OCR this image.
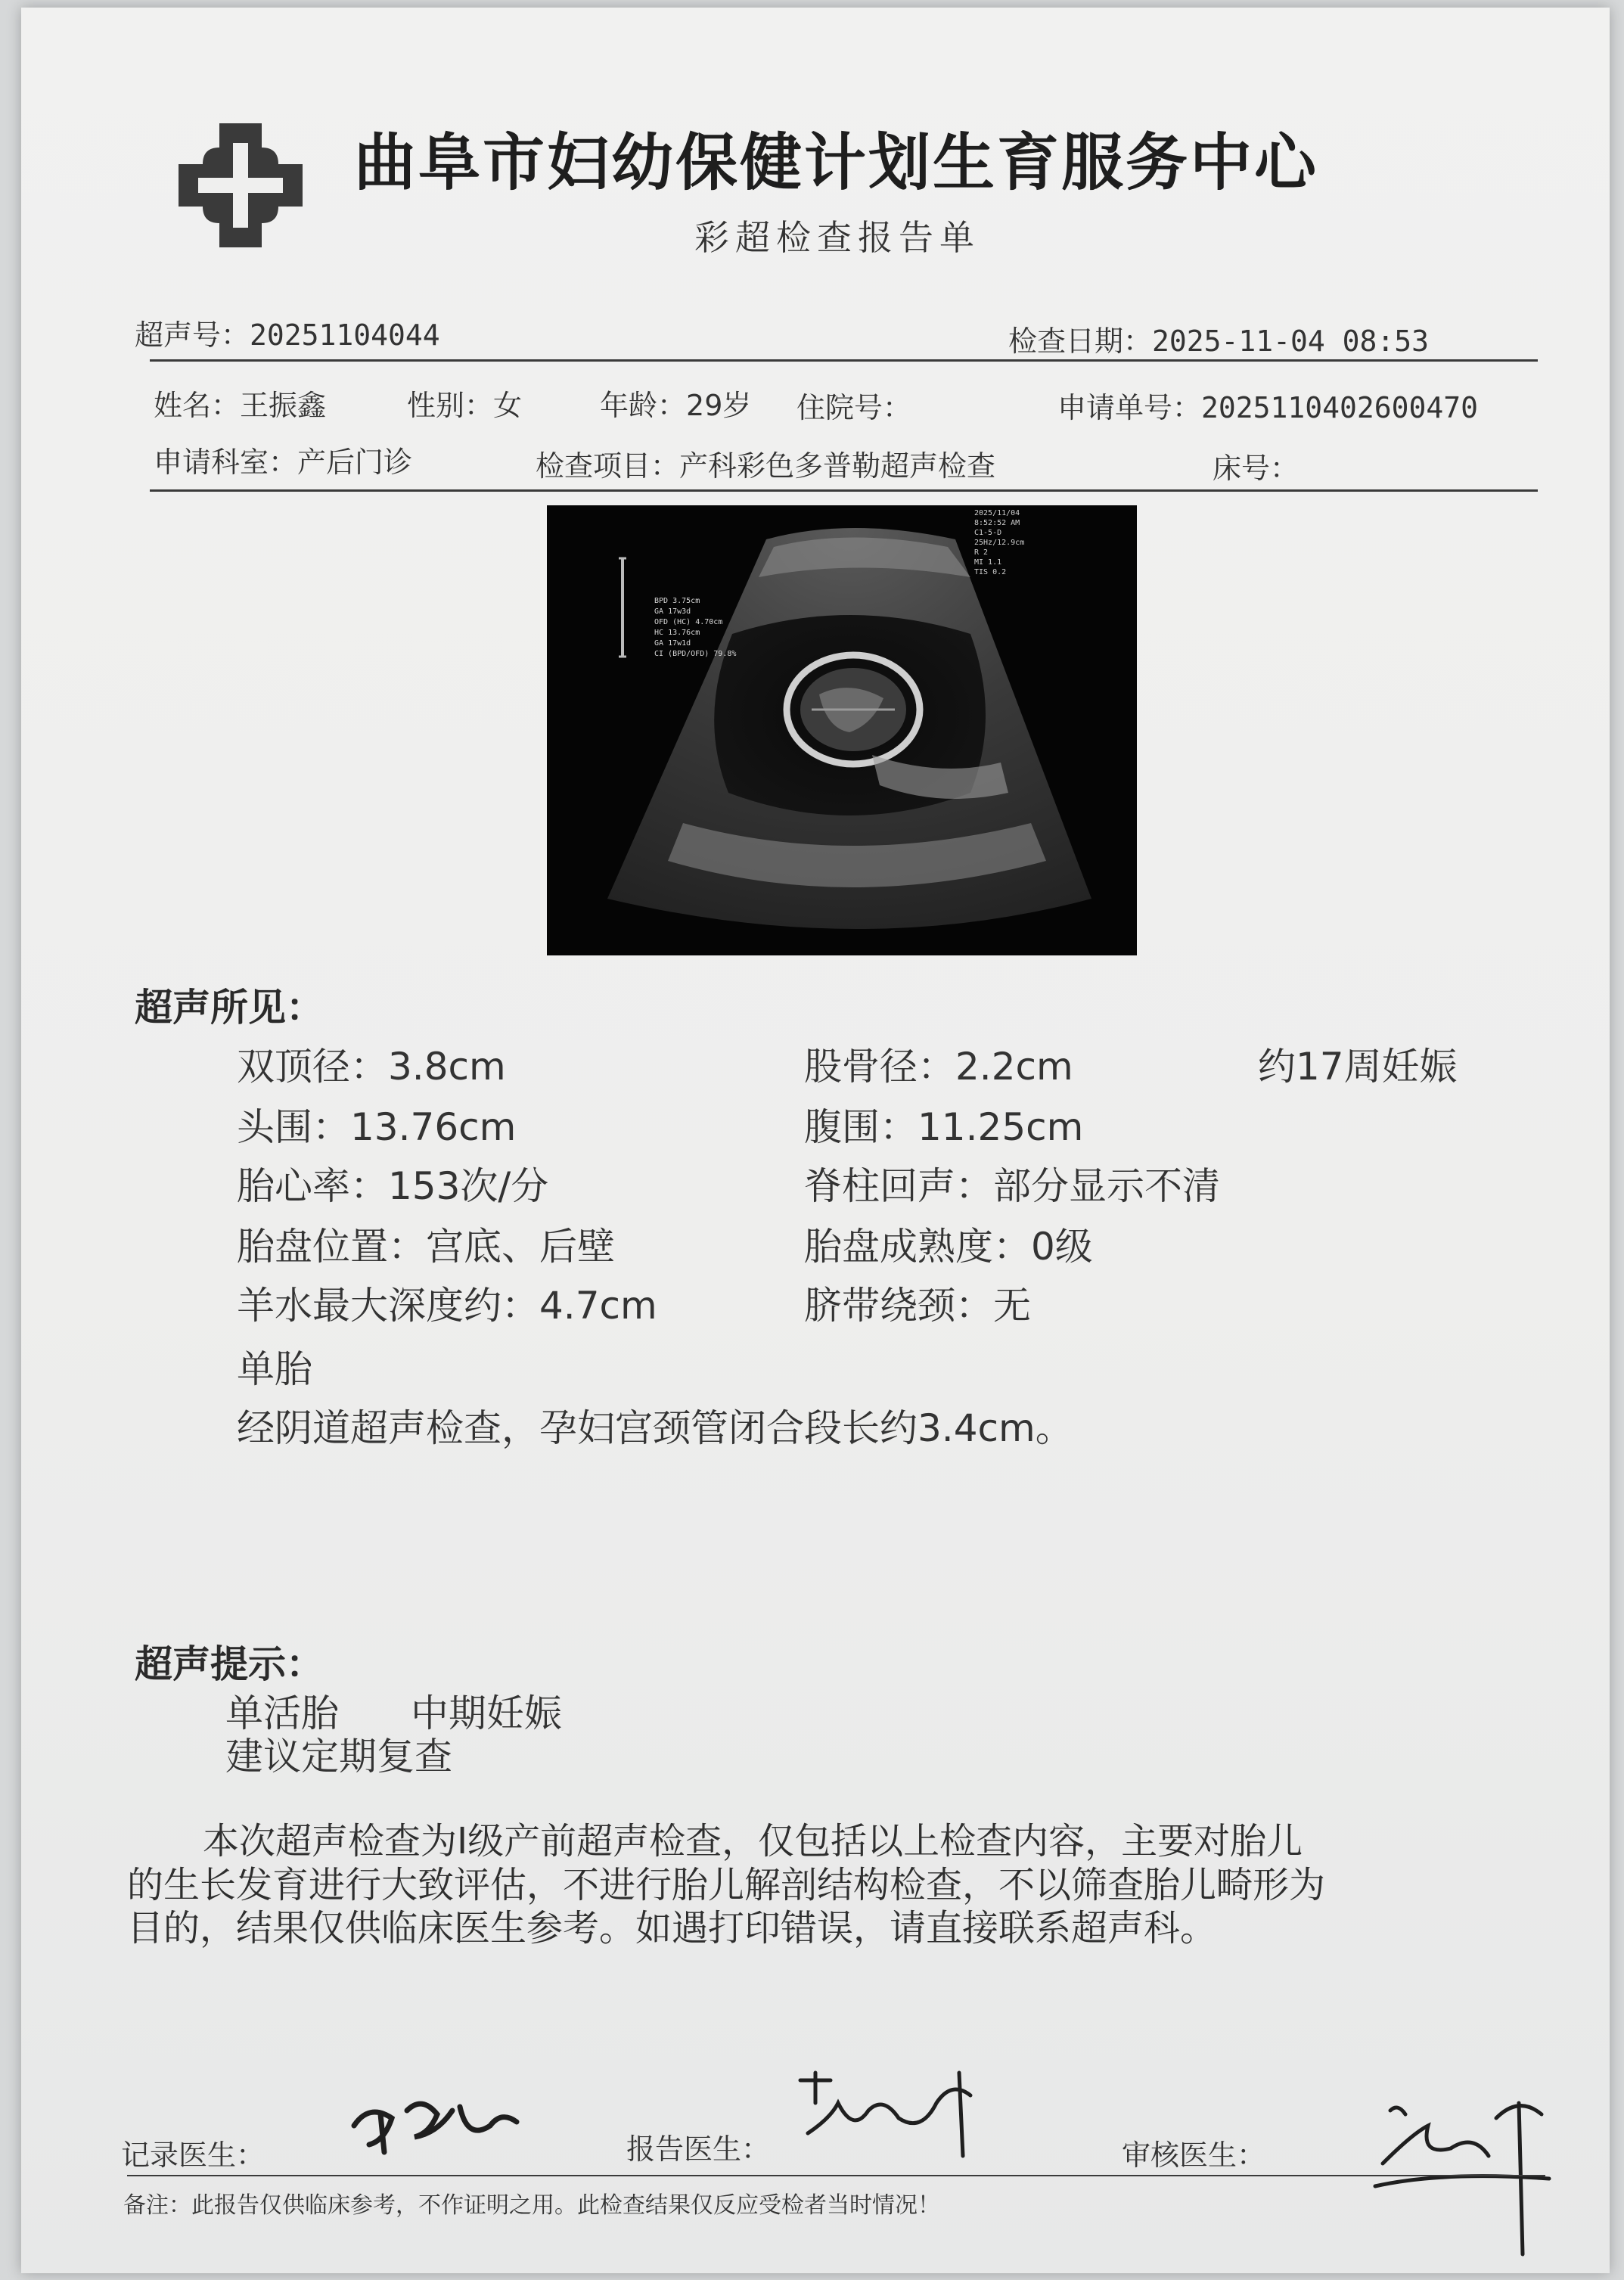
曲阜市妇幼保健计划生育服务中心
彩超检查报告单
超声号：20251104044	检查日期：2025-11-04 08:53
姓名：王振鑫	性别：女	年龄：29岁 住院号：	申请单号：2025110402600470
申请科室：产后门诊	检查项目：产科彩色多普勒超声检查	床号：
2025/11/04
8:52:52 AM
C1-5-D
25Hz/12.9cm
R 2
MI 1.1
TIS 0.2
BPD 3.75cm
GA 17w3d
OFD (HC) 4.70cm
HC 13.76cm
GA 17w1d
CI (BPD/OFD) 79.8%
超声所见：
双顶径：3.8cm	股骨径：2.2cm	约17周妊娠
头围：13.76cm	腹围：11.25cm
胎心率：153次/分	脊柱回声：部分显示不清
胎盘位置：宫底、后壁	胎盘成熟度：0级
羊水最大深度约：4.7cm	脐带绕颈：无
单胎
经阴道超声检查，孕妇宫颈管闭合段长约3.4cm。
超声提示：
单活胎 中期妊娠
建议定期复查
本次超声检查为Ⅰ级产前超声检查，仅包括以上检查内容，主要对胎儿
的生长发育进行大致评估，不进行胎儿解剖结构检查，不以筛查胎儿畸形为
目的，结果仅供临床医生参考。如遇打印错误，请直接联系超声科。
记录医生：	报告医生：	审核医生：
备注：此报告仅供临床参考，不作证明之用。此检查结果仅反应受检者当时情况！
